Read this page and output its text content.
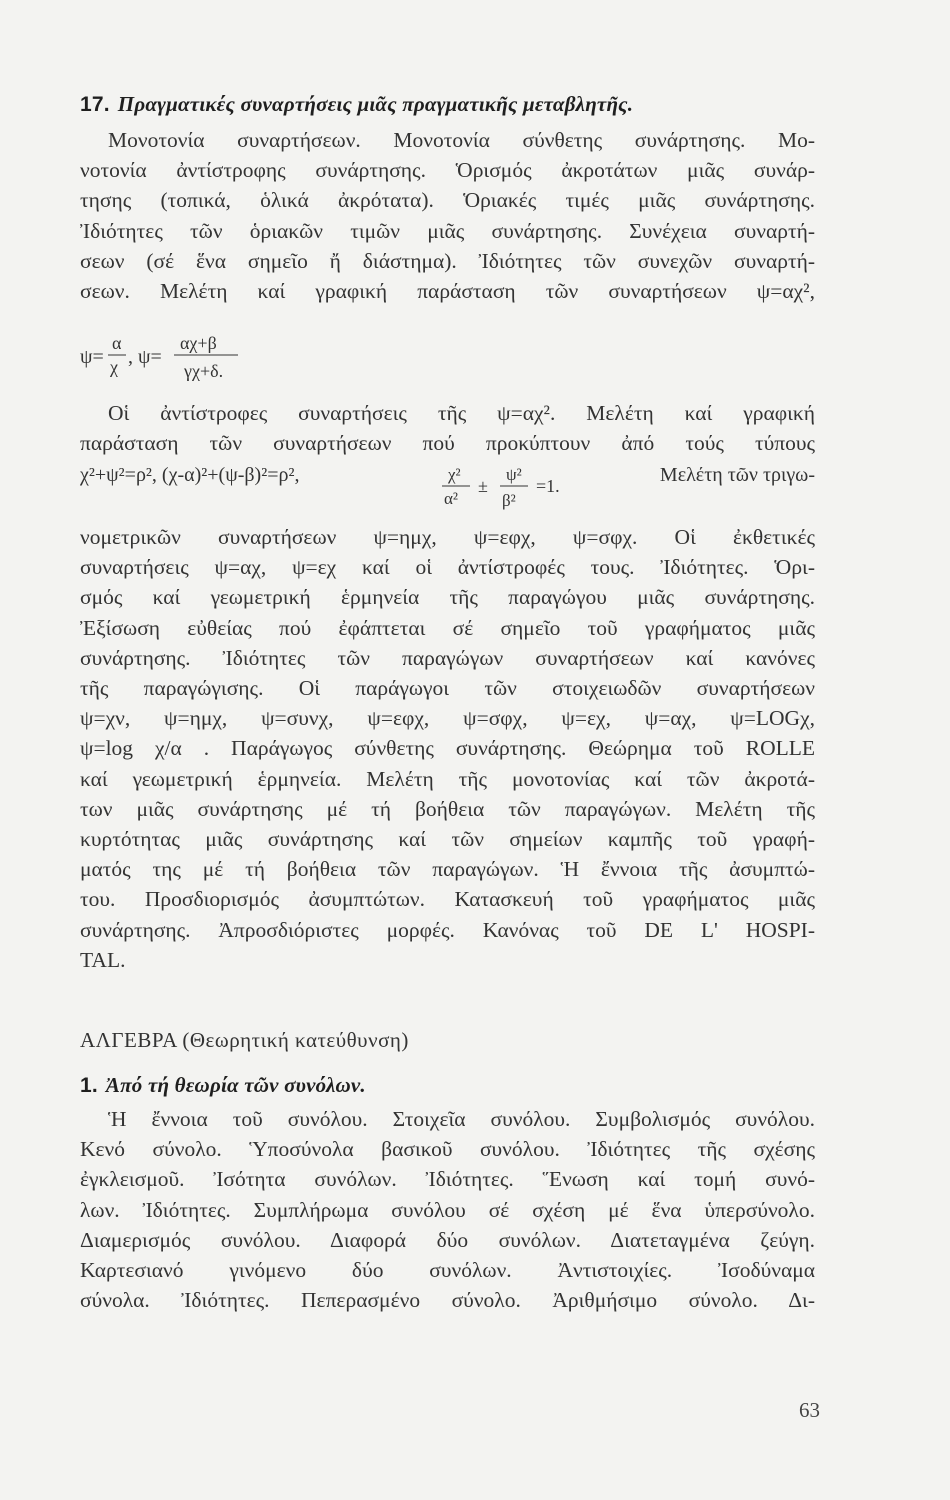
17. Πραγματικές συναρτήσεις μιᾶς πραγματικῆς μεταβλητῆς.
Μονοτονία συναρτήσεων. Μονοτονία σύνθετης συνάρτησης. Μο-
νοτονία ἀντίστροφης συνάρτησης. Ὁρισμός ἀκροτάτων μιᾶς συνάρ-
τησης (τοπικά, ὁλικά ἀκρότατα). Ὁριακές τιμές μιᾶς συνάρτησης.
Ἰδιότητες τῶν ὁριακῶν τιμῶν μιᾶς συνάρτησης. Συνέχεια συναρτή-
σεων (σέ ἕνα σημεῖο ἤ διάστημα). Ἰδιότητες τῶν συνεχῶν συναρτή-
σεων. Μελέτη καί γραφική παράσταση τῶν συναρτήσεων ψ=αχ²,
ψ=
α
χ , ψ=
αχ+β
γχ+δ.
Οἱ ἀντίστροφες συναρτήσεις τῆς ψ=αχ². Μελέτη καί γραφική
παράσταση τῶν συναρτήσεων πού προκύπτουν ἀπό τούς τύπους
χ²+ψ²=ρ², (χ-α)²+(ψ-β)²=ρ²,	χ²
α²
±
ψ²
β²
=1.	Μελέτη τῶν τριγω-
νομετρικῶν συναρτήσεων ψ=ημχ, ψ=εφχ, ψ=σφχ. Οἱ ἐκθετικές
συναρτήσεις ψ=αχ, ψ=εχ καί οἱ ἀντίστροφές τους. Ἰδιότητες. Ὁρι-
σμός καί γεωμετρική ἑρμηνεία τῆς παραγώγου μιᾶς συνάρτησης.
Ἐξίσωση εὐθείας πού ἐφάπτεται σέ σημεῖο τοῦ γραφήματος μιᾶς
συνάρτησης. Ἰδιότητες τῶν παραγώγων συναρτήσεων καί κανόνες
τῆς παραγώγισης. Οἱ παράγωγοι τῶν στοιχειωδῶν συναρτήσεων
ψ=χν, ψ=ημχ, ψ=συνχ, ψ=εφχ, ψ=σφχ, ψ=εχ, ψ=αχ, ψ=LOGχ,
ψ=log χ/α . Παράγωγος σύνθετης συνάρτησης. Θεώρημα τοῦ ROLLE
καί γεωμετρική ἑρμηνεία. Μελέτη τῆς μονοτονίας καί τῶν ἀκροτά-
των μιᾶς συνάρτησης μέ τή βοήθεια τῶν παραγώγων. Μελέτη τῆς
κυρτότητας μιᾶς συνάρτησης καί τῶν σημείων καμπῆς τοῦ γραφή-
ματός της μέ τή βοήθεια τῶν παραγώγων. Ἡ ἔννοια τῆς ἀσυμπτώ-
του. Προσδιορισμός ἀσυμπτώτων. Κατασκευή τοῦ γραφήματος μιᾶς
συνάρτησης. Ἀπροσδιόριστες μορφές. Κανόνας τοῦ DE L' HOSPI-
TAL.
ΑΛΓΕΒΡΑ (Θεωρητική κατεύθυνση)
1. Ἀπό τή θεωρία τῶν συνόλων.
Ἡ ἔννοια τοῦ συνόλου. Στοιχεῖα συνόλου. Συμβολισμός συνόλου.
Κενό σύνολο. Ὑποσύνολα βασικοῦ συνόλου. Ἰδιότητες τῆς σχέσης
ἐγκλεισμοῦ. Ἰσότητα συνόλων. Ἰδιότητες. Ἕνωση καί τομή συνό-
λων. Ἰδιότητες. Συμπλήρωμα συνόλου σέ σχέση μέ ἕνα ὑπερσύνολο.
Διαμερισμός συνόλου. Διαφορά δύο συνόλων. Διατεταγμένα ζεύγη.
Καρτεσιανό γινόμενο δύο συνόλων. Ἀντιστοιχίες. Ἰσοδύναμα
σύνολα. Ἰδιότητες. Πεπερασμένο σύνολο. Ἀριθμήσιμο σύνολο. Δι-
63
